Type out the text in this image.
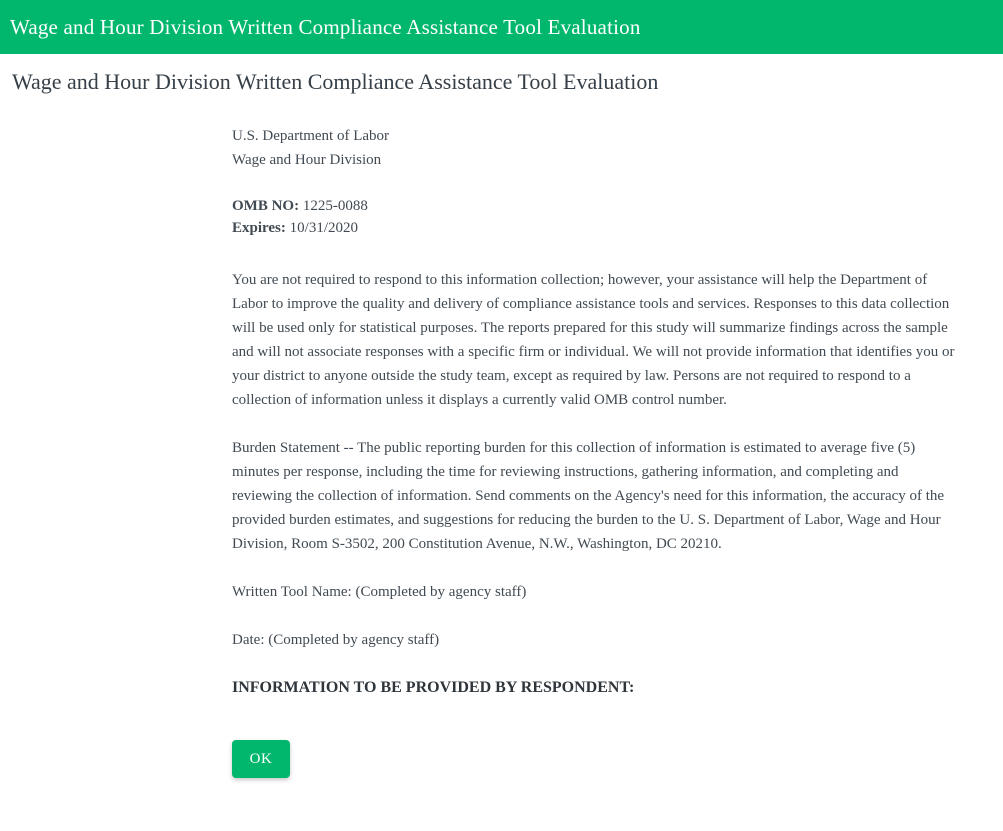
Wage and Hour Division Written Compliance Assistance Tool Evaluation
Wage and Hour Division Written Compliance Assistance Tool Evaluation

U.S. Department of Labor

Wage and Hour Division

OMB NO: 1225-0088

Expires: 10/31/2020

You are not required to respond to this information collection; however, your assistance will help the Department of Labor to improve the quality and delivery of compliance assistance tools and services. Responses to this data collection will be used only for statistical purposes. The reports prepared for this study will summarize findings across the sample and will not associate responses with a specific firm or individual. We will not provide information that identifies you or your district to anyone outside the study team, except as required by law. Persons are not required to respond to a collection of information unless it displays a currently valid OMB control number.

Burden Statement -- The public reporting burden for this collection of information is estimated to average five (5) minutes per response, including the time for reviewing instructions, gathering information, and completing and reviewing the collection of information. Send comments on the Agency's need for this information, the accuracy of the provided burden estimates, and suggestions for reducing the burden to the U. S. Department of Labor, Wage and Hour Division, Room S-3502, 200 Constitution Avenue, N.W., Washington, DC 20210.

Written Tool Name: (Completed by agency staff)

Date: (Completed by agency staff)

INFORMATION TO BE PROVIDED BY RESPONDENT:

OK
